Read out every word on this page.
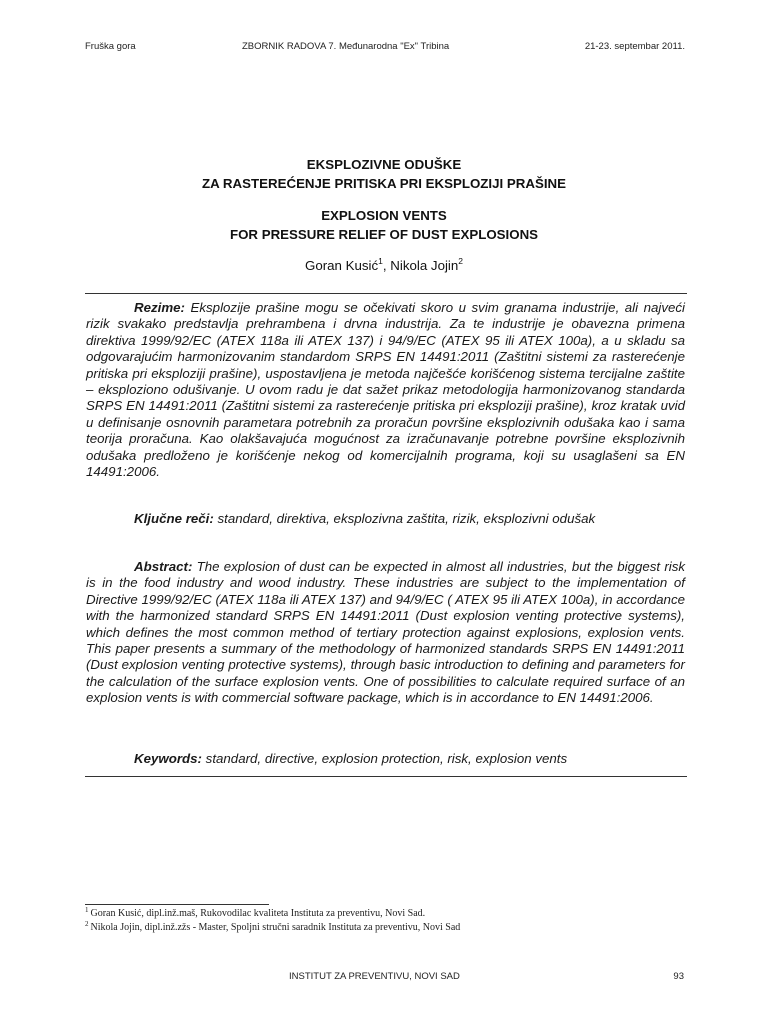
Fruška gora	ZBORNIK RADOVA 7. Međunarodna "Ex" Tribina	21-23. septembar 2011.
EKSPLOZIVNE ODUŠKE
ZA RASTEREĆENJE PRITISKA PRI EKSPLOZIJI PRAŠINE
EXPLOSION VENTS
FOR PRESSURE RELIEF OF DUST EXPLOSIONS
Goran Kusić$^1$, Nikola Jojin$^2$

Rezime: Eksplozije prašine mogu se očekivati skoro u svim granama industrije, ali najveći rizik svakako predstavlja prehrambena i drvna industrija. Za te industrije je obavezna primena direktiva 1999/92/EC (ATEX 118a ili ATEX 137) i 94/9/EC (ATEX 95 ili ATEX 100a), a u skladu sa odgovarajućim harmonizovanim standardom SRPS EN 14491:2011 (Zaštitni sistemi za rasterećenje pritiska pri eksploziji prašine), uspostavljena je metoda najčešće korišćenog sistema tercijalne zaštite – eksploziono odušivanje. U ovom radu je dat sažet prikaz metodologija harmonizovanog standarda SRPS EN 14491:2011 (Zaštitni sistemi za rasterećenje pritiska pri eksploziji prašine), kroz kratak uvid u definisanje osnovnih parametara potrebnih za proračun površine eksplozivnih odušaka kao i sama teorija proračuna. Kao olakšavajuća mogućnost za izračunavanje potrebne površine eksplozivnih odušaka predloženo je korišćenje nekog od komercijalnih programa, koji su usaglašeni sa EN 14491:2006.

Ključne reči: standard, direktiva, eksplozivna zaštita, rizik, eksplozivni odušak

Abstract: The explosion of dust can be expected in almost all industries, but the biggest risk is in the food industry and wood industry. These industries are subject to the implementation of Directive 1999/92/EC (ATEX 118a ili ATEX 137) and 94/9/EC ( ATEX 95 ili ATEX 100a), in accordance with the harmonized standard SRPS EN 14491:2011 (Dust explosion venting protective systems), which defines the most common method of tertiary protection against explosions, explosion vents. This paper presents a summary of the methodology of harmonized standards SRPS EN 14491:2011 (Dust explosion venting protective systems), through basic introduction to defining and parameters for the calculation of the surface explosion vents. One of possibilities to calculate required surface of an explosion vents is with commercial software package, which is in accordance to EN 14491:2006.

Keywords: standard, directive, explosion protection, risk, explosion vents
$^1$ Goran Kusić, dipl.inž.maš, Rukovodilac kvaliteta Instituta za preventivu, Novi Sad.
$^2$ Nikola Jojin, dipl.inž.zžs - Master, Spoljni stručni saradnik Instituta za preventivu, Novi Sad
INSTITUT ZA PREVENTIVU, NOVI SAD	93
